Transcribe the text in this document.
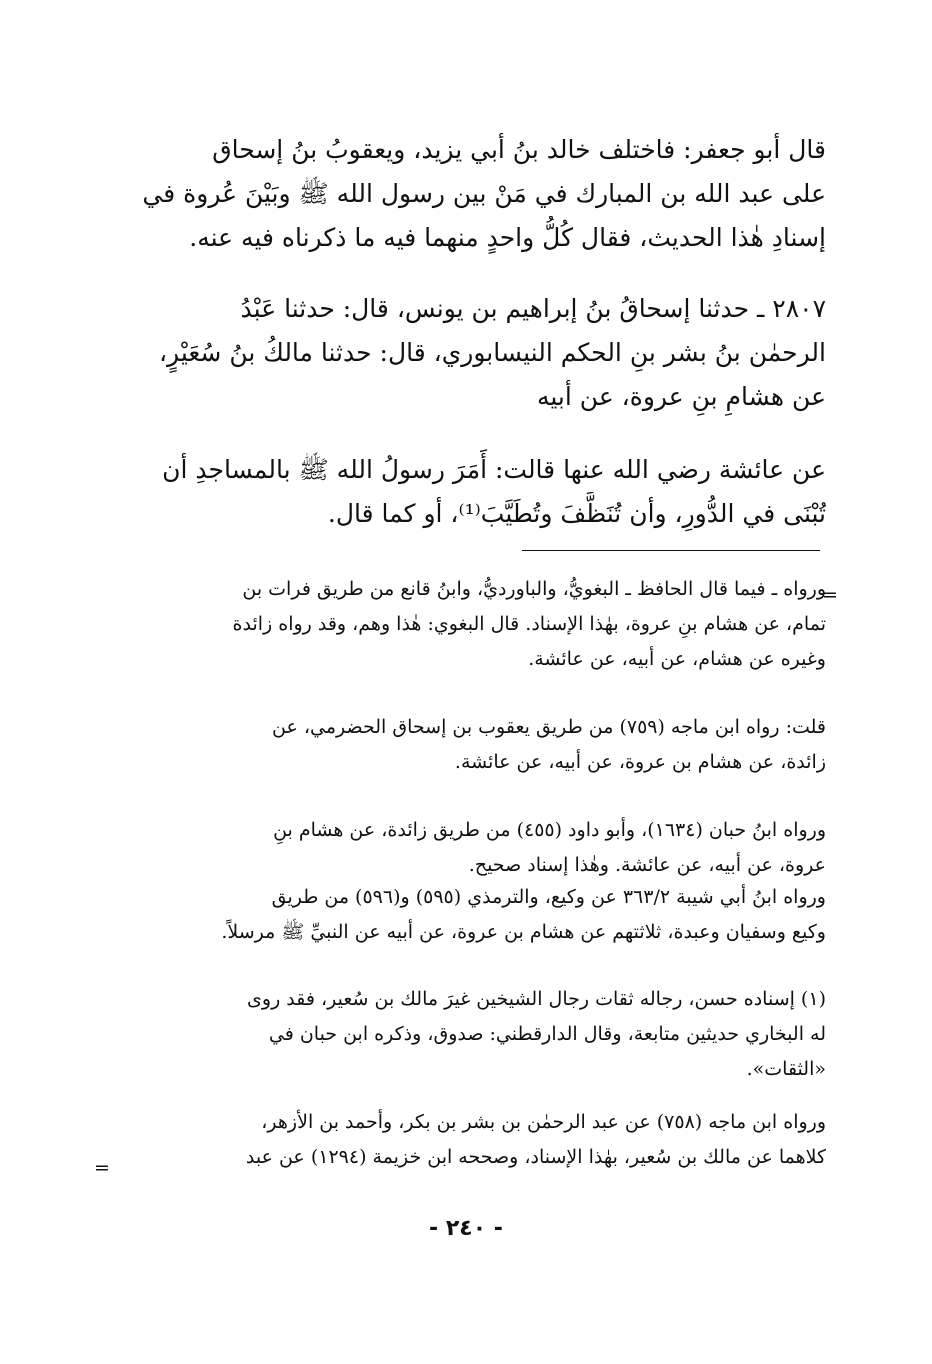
قال أبو جعفر: فاختلف خالد بنُ أبي يزيد، ويعقوبُ بنُ إسحاق
على عبد الله بن المبارك في مَنْ بين رسول الله ﷺ وبَيْنَ عُروة في
إسنادِ هٰذا الحديث، فقال كُلُّ واحدٍ منهما فيه ما ذكرناه فيه عنه.
٢٨٠٧ ـ حدثنا إسحاقُ بنُ إبراهيم بن يونس، قال: حدثنا عَبْدُ
الرحمٰن بنُ بشر بنِ الحكم النيسابوري، قال: حدثنا مالكُ بنُ سُعَيْرٍ،
عن هشامِ بنِ عروة، عن أبيه
عن عائشة رضي الله عنها قالت: أَمَرَ رسولُ الله ﷺ بالمساجدِ أن
تُبْنَى في الدُّورِ، وأن تُنَظَّفَ وتُطَيَّبَ⁽¹⁾، أو كما قال.
=
ورواه ـ فيما قال الحافظ ـ البغويُّ، والباورديُّ، وابنُ قانع من طريق فرات بن
تمام، عن هشام بنِ عروة، بهٰذا الإسناد. قال البغوي: هٰذا وهم، وقد رواه زائدة
وغيره عن هشام، عن أبيه، عن عائشة.
قلت: رواه ابن ماجه (٧٥٩) من طريق يعقوب بن إسحاق الحضرمي، عن
زائدة، عن هشام بن عروة، عن أبيه، عن عائشة.
ورواه ابنُ حبان (١٦٣٤)، وأبو داود (٤٥٥) من طريق زائدة، عن هشام بنِ
عروة، عن أبيه، عن عائشة. وهٰذا إسناد صحيح.
ورواه ابنُ أبي شيبة ٣٦٣/٢ عن وكيع، والترمذي (٥٩٥) و(٥٩٦) من طريق
وكيع وسفيان وعبدة، ثلاثتهم عن هشام بن عروة، عن أبيه عن النبيِّ ﷺ مرسلاً.
(١) إسناده حسن، رجاله ثقات رجال الشيخين غيرَ مالك بن سُعير، فقد روى
له البخاري حديثين متابعة، وقال الدارقطني: صدوق، وذكره ابن حبان في
«الثقات».
ورواه ابن ماجه (٧٥٨) عن عبد الرحمٰن بن بشر بن بكر، وأحمد بن الأزهر،
كلاهما عن مالك بن سُعير، بهٰذا الإسناد، وصححه ابن خزيمة (١٢٩٤) عن عبد
=
- ٢٤٠ -
